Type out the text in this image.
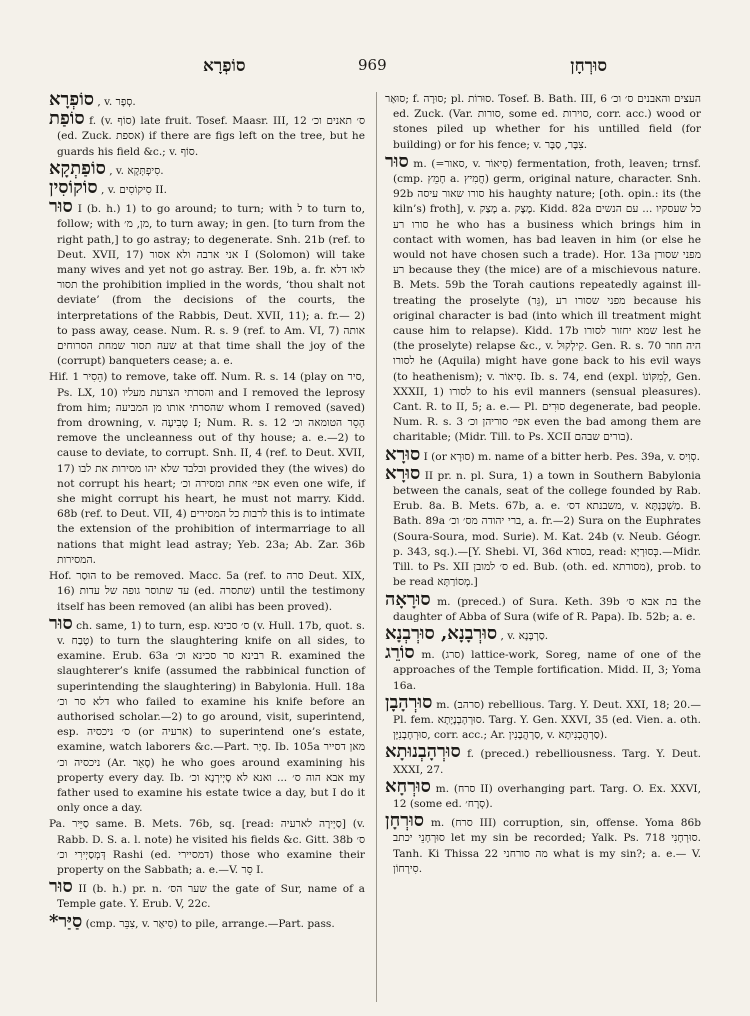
סוֹפְרָא	969	סוּרְחָן

סוֹפְרָא , v. סְפָר.

סוֹפַת f. (v. סוֹף) late fruit. Tosef. Maasr. III, 12 ס׳ תאנים וכ׳ (ed. Zuck. אספת) if there are figs left on the tree, but he guards his field &c.; v. סוֹף.

סוֹפַתְקָא , v. סִיפְתְּקָא.

סוֹקוֹסִין , v. סִיקוֹסִים II.

סוּר I (b. h.) 1) to go around; to turn; with ל to turn to, follow; with מן, מ׳, to turn away; in gen. [to turn from the right path,] to go astray; to degenerate. Snh. 21b (ref. to Deut. XVII, 17) אני ארבה ולא אסור I (Solomon) will take many wives and yet not go astray. Ber. 19b, a. fr. לאו דלא תסור the prohibition implied in the words, ‘thou shalt not deviate’ (from the decisions of the courts, the interpretations of the Rabbis, Deut. XVII, 11); a. fr.— 2) to pass away, cease. Num. R. s. 9 (ref. to Am. VI, 7) אותה שעה תסור שמחת הסרוחים at that time shall the joy of the (corrupt) banqueters cease; a. e.

Hif. הֵסִיר 1) to remove, take off. Num. R. s. 14 (play on סיר, Ps. LX, 10) והסרתי הצרעת מעליו and I removed the leprosy from him; שהסרתי אותו מן המביעה whom I removed (saved) from drowning, v. טְבִיעָה I; Num. R. s. 12 הָסֵר הטומאה וכ׳ remove the uncleanness out of thy house; a. e.—2) to cause to deviate, to corrupt. Snh. II, 4 (ref. to Deut. XVII, 17) ובלבד שלא יהו מסירות את לבו provided they (the wives) do not corrupt his heart; אפי׳ אחת ומסירה וכ׳ even one wife, if she might corrupt his heart, he must not marry. Kidd. 68b (ref. to Deut. VII, 4) לרבות כל המסירים this is to intimate the extension of the prohibition of intermarriage to all nations that might lead astray; Yeb. 23a; Ab. Zar. 36b המסירות.

Hof. הוּסַר to be removed. Macc. 5a (ref. to סרה Deut. XIX, 16) עד שתוסר גופה של עדות (ed. שתסרה) until the testimony itself has been removed (an alibi has been proved).

סוּר ch. same, 1) to turn, esp. ס׳ סכינא (v. Hull. 17b, quot. s. v. טְבַח) to turn the slaughtering knife on all sides, to examine. Erub. 63a רבינא סר סכינא וכ׳ R. examined the slaughterer’s knife (assumed the rabbinical function of superintending the slaughtering) in Babylonia. Hull. 18a דלא סר וכ׳ who failed to examine his knife before an authorised scholar.—2) to go around, visit, superintend, esp. ס׳ ניכסיה (or ארעיה) to superintend one’s estate, examine, watch laborers &c.—Part. סָיַר. Ib. 105a מאן דסייר ניכסיה וכ׳ (Ar. סָאֵר) he who goes around examining his property every day. Ib. אבא הוה ס׳ ... ואנא לא סָיְירְנָא וכ׳ my father used to examine his estate twice a day, but I do it only once a day.

Pa. סַיֵּיר same. B. Mets. 76b, sq. [read: סַיְירָה לארעיה] (v. Rabb. D. S. a. l. note) he visited his fields &c. Gitt. 38b ס׳ דְּמְסַיְירִי וכ׳ Rashi (ed. דמסיירי) those who examine their property on the Sabbath; a. e.—V. סֵר I.

סוּר II (b. h.) pr. n. שער הס׳ the gate of Sur, name of a Temple gate. Y. Erub. V, 22c.

*סַיַּר (cmp. צִבֵּר, v. סִיאַר) to pile, arrange.—Part. pass.

סוּאַר; f. סוּרָה; pl. סוּרוֹת. Tosef. B. Bath. III, 6 העצים והאבנים ס׳ וכ׳ ed. Zuck. (Var. סורות, some ed. סוירות, corr. acc.) wood or stones piled up whether for his untilled field (for building) or for his fence; v. צִבָּר, סַבָּר.

סוּר m. (=סאור, v. סִיאוֹר) fermentation, froth, leaven; trnsf. (cmp. חָמֵץ a. חֲמִיץ) germ, original nature, character. Snh. 92b סורו שאור עיסה his haughty nature; [oth. opin.: its (the kiln’s) froth], v. מָצַק a. מֶצֶק. Kidd. 82a כל שעסקיו ... עם הנשים סורו רע he who has a business which brings him in contact with women, has bad leaven in him (or else he would not have chosen such a trade). Hor. 13a מפני שסורן רע because they (the mice) are of a mischievous nature. B. Mets. 59b the Torah cautions repeatedly against ill-treating the proselyte (גֵּר), מפני שסורו רע because his original character is bad (into which ill treatment might cause him to relapse). Kidd. 17b שמא יחזור לסורו lest he (the proselyte) relapse &c., v. קִילְקוּל. Gen. R. s. 70 היה חוזר לסורו he (Aquila) might have gone back to his evil ways (to heathenism); v. סִיאוֹר. Ib. s. 74, end (expl. לְמִקּוֹנוֹ, Gen. XXXII, 1) לסורו to his evil manners (sensual pleasures). Cant. R. to II, 5; a. e.— Pl. סוּרִים degenerate, bad people. Num. R. s. 3 אפי׳ סוריהן וכ׳ even the bad among them are charitable; (Midr. Till. to Ps. XCII בורים שבהם).

סוּרָא I (or סוּרָא) m. name of a bitter herb. Pes. 39a, v. סְוִיס.

סוּרָא II pr. n. pl. Sura, 1) a town in Southern Babylonia between the canals, seat of the college founded by Rab. Erub. 8a. B. Mets. 67b, a. e. משבנתא דס׳, v. מַשְׁכַּנְתָּא. B. Bath. 89a ברי יהודה מס׳ וכ׳, a. fr.—2) Sura on the Euphrates (Soura-Soura, mod. Surie). M. Kat. 24b (v. Neub. Géogr. p. 343, sq.).—[Y. Shebi. VI, 36d בסורא, read: כְּסוּרְיָא.—Midr. Till. to Ps. XII ס׳ למובן ed. Bub. (oth. ed. מסורתא), prob. to be read מְסוֹרַתָּא.]

סוּרָאָה m. (preced.) of Sura. Keth. 39b בת אבא ס׳ the daughter of Abba of Sura (wife of R. Papa). Ib. 52b; a. e.

סוּרְבָנָא, סוּרְבְנָא , v. סַרְבָּנָא.

סוֹרֵג m. (סרג) lattice-work, Soreg, name of one of the approaches of the Temple fortification. Midd. II, 3; Yoma 16a.

סוּרְהָבָן m. (סרהב) rebellious. Targ. Y. Deut. XXI, 18; 20.—Pl. fem. סוּרְהָבְנָיָתָא. Targ. Y. Gen. XXVI, 35 (ed. Vien. a. oth. סוּרְחָבְנִיָּן, corr. acc.; Ar. סַרְהֲבָנִין, v. סַרְהֲבְנִיתָא).

סוּרְהָבְנוּתָא f. (preced.) rebelliousness. Targ. Y. Deut. XXXI, 27.

סוּרְחָא m. (סרח II) overhanging part. Targ. O. Ex. XXVI, 12 (some ed. סְרָח׳).

סוּרְחָן m. (סרח III) corruption, sin, offense. Yoma 86b סוּרְחָנֵי יכתב let my sin be recorded; Yalk. Ps. 718 סוּרְחָנִי. Tanh. Ki Thissa 22 מה סורחני what is my sin?; a. e.— V. סִירְחוֹן.
